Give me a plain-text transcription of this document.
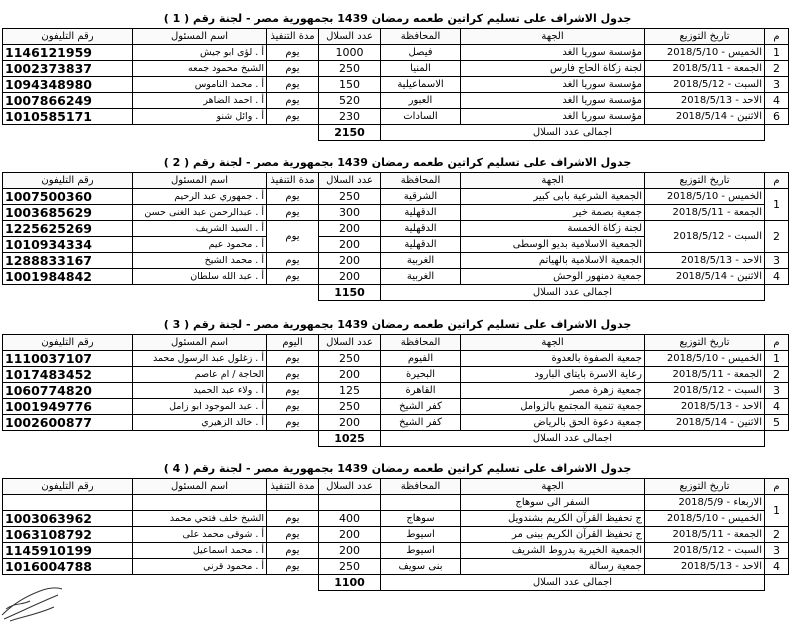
جدول الاشراف على تسليم كراتين طعمه رمضان 1439 بجمهورية مصر - لجنة رقم ( 1 )
م	تاريخ التوزيع	الجهة	المحافظة	عدد السلال	مدة التنفيذ	اسم المسئول	رقم التليفون
1	الخميس - 2018/5/10	مؤسسة سوريا الغد	فيصل	1000	يوم	أ . لؤى ابو جيش	1146121959
2	الجمعة - 2018/5/11	لجنة زكاة الحاج فارس	المنيا	250	يوم	الشيخ محمود جمعه	1002373837
3	السبت - 2018/5/12	مؤسسة سوريا الغد	الاسماعيلية	150	يوم	أ . محمد الناموس	1094348980
4	الاحد - 2018/5/13	مؤسسة سوريا الغد	العبور	520	يوم	أ . احمد الضاهر	1007866249
6	الاثنين - 2018/5/14	مؤسسة سوريا الغد	السادات	230	يوم	أ . وائل شنو	1010585171
	اجمالى عدد السلال			2150			
جدول الاشراف على تسليم كراتين طعمه رمضان 1439 بجمهورية مصر - لجنة رقم ( 2 )
م	تاريخ التوزيع	الجهة	المحافظة	عدد السلال	مدة التنفيذ	اسم المسئول	رقم التليفون
1	الخميس - 2018/5/10	الجمعية الشرعية بابى كبير	الشرقية	250	يوم	أ . جمهوري عبد الرحيم	1007500360
	الجمعة - 2018/5/11	جمعية بصمة خير	الدقهلية	300	يوم	أ . عبدالرحمن عبد الغنى حسن	1003685629
2	السبت - 2018/5/12	لجنة زكاة الخمسة	الدقهلية	200	يوم	أ . السيد الشريف	1225625269
		الجمعية الاسلامية بديو الوسطى	الدقهلية	200		أ . محمود عيم	1010934334
3	الاحد - 2018/5/13	الجمعية الاسلامية بالهياتم	الغربية	200	يوم	أ . محمد الشيخ	1288833167
4	الاثنين - 2018/5/14	جمعية دمنهور الوحش	الغربية	200	يوم	أ . عبد الله سلطان	1001984842
	اجمالى عدد السلال			1150			
جدول الاشراف على تسليم كراتين طعمه رمضان 1439 بجمهورية مصر - لجنة رقم ( 3 )
م	تاريخ التوزيع	الجهة	المحافظة	عدد السلال	اليوم	اسم المسئول	رقم التليفون
1	الخميس - 2018/5/10	جمعية الصفوة بالعدوة	الفيوم	250	يوم	أ . زغلول عبد الرسول محمد	1110037107
2	الجمعة - 2018/5/11	رعاية الاسرة بايتاى البارود	البحيرة	200	يوم	الحاجة / ام عاصم	1017483452
3	السبت - 2018/5/12	جمعية زهرة مصر	القاهرة	125	يوم	أ . ولاء عبد الحميد	1060774820
4	الاحد - 2018/5/13	جمعية تنمية المجتمع بالزوامل	كفر الشيخ	250	يوم	أ . عبد الموجود ابو زامل	1001949776
5	الاثنين - 2018/5/14	جمعية دعوة الحق بالرياض	كفر الشيخ	200	يوم	أ . خالد الزهيري	1002600877
	اجمالى عدد السلال			1025			
جدول الاشراف على تسليم كراتين طعمه رمضان 1439 بجمهورية مصر - لجنة رقم ( 4 )
م	تاريخ التوزيع	الجهة	المحافظة	عدد السلال	مدة التنفيذ	اسم المسئول	رقم التليفون
1	الاربعاء - 2018/5/9	السفر الى سوهاج					
	الخميس - 2018/5/10	ج تحفيظ القرآن الكريم بشندويل	سوهاج	400	يوم	الشيخ خلف فتحي محمد	1003063962
2	الجمعة - 2018/5/11	ج تحفيظ القرآن الكريم ببنى مر	اسيوط	200	يوم	أ . شوقى محمد على	1063108792
3	السبت - 2018/5/12	الجمعية الخيرية بدروط الشريف	اسيوط	200	يوم	أ . محمد اسماعيل	1145910199
4	الاحد - 2018/5/13	جمعية رسالة	بنى سويف	250	يوم	أ . محمود قرني	1016004788
	اجمالى عدد السلال			1100			
